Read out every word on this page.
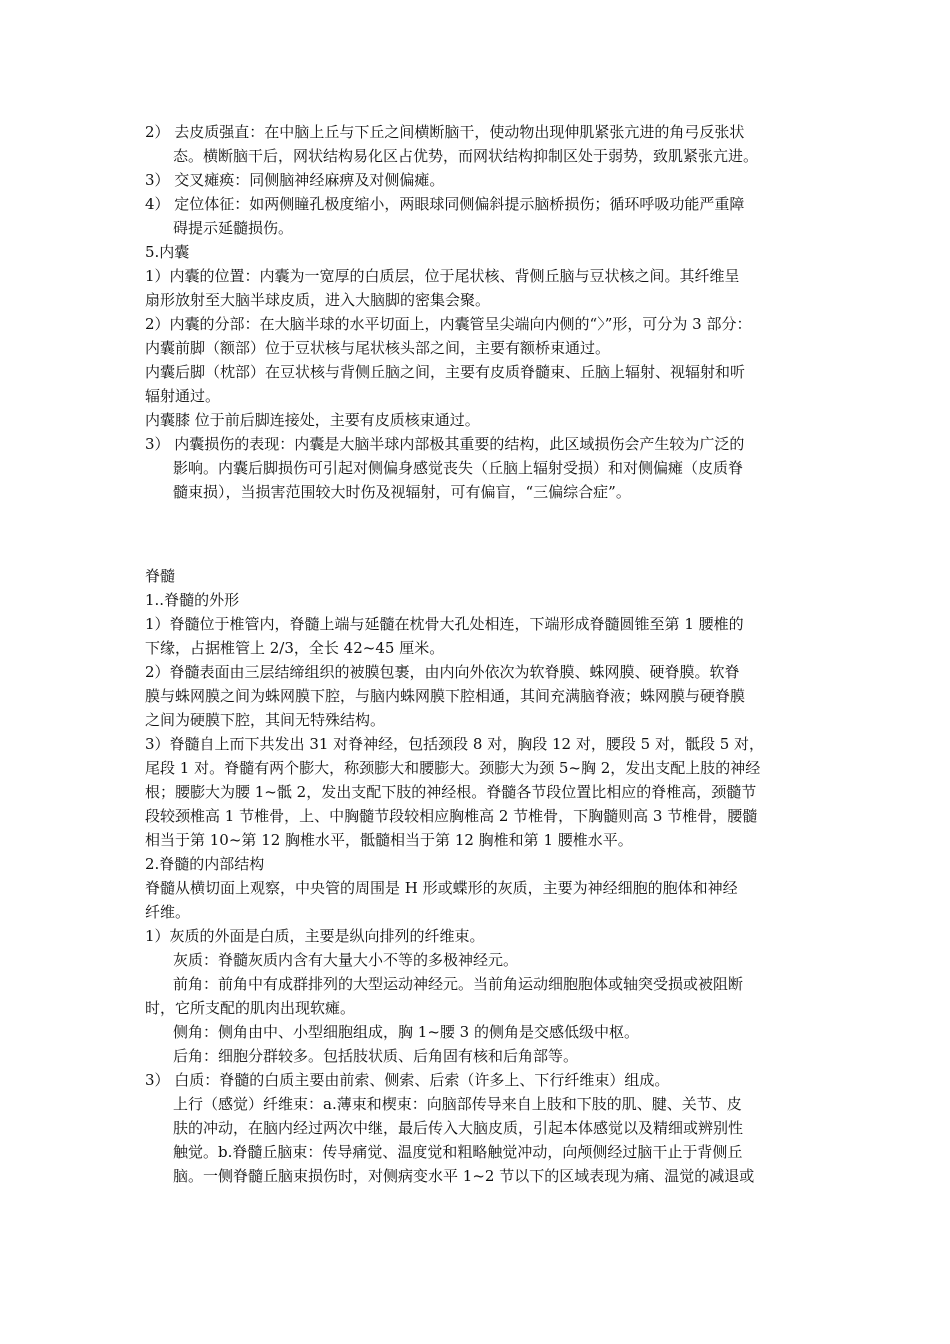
2） 去皮质强直：在中脑上丘与下丘之间横断脑干，使动物出现伸肌紧张亢进的角弓反张状
态。横断脑干后，网状结构易化区占优势，而网状结构抑制区处于弱势，致肌紧张亢进。
3） 交叉瘫痪：同侧脑神经麻痹及对侧偏瘫。
4） 定位体征：如两侧瞳孔极度缩小，两眼球同侧偏斜提示脑桥损伤；循环呼吸功能严重障
碍提示延髓损伤。
5.内囊
1）内囊的位置：内囊为一宽厚的白质层，位于尾状核、背侧丘脑与豆状核之间。其纤维呈
扇形放射至大脑半球皮质，进入大脑脚的密集会聚。
2）内囊的分部：在大脑半球的水平切面上，内囊管呈尖端向内侧的“〉”形，可分为 3 部分：
内囊前脚（额部）位于豆状核与尾状核头部之间，主要有额桥束通过。
内囊后脚（枕部）在豆状核与背侧丘脑之间，主要有皮质脊髓束、丘脑上辐射、视辐射和听
辐射通过。
内囊膝 位于前后脚连接处，主要有皮质核束通过。
3） 内囊损伤的表现：内囊是大脑半球内部极其重要的结构，此区域损伤会产生较为广泛的
影响。内囊后脚损伤可引起对侧偏身感觉丧失（丘脑上辐射受损）和对侧偏瘫（皮质脊
髓束损），当损害范围较大时伤及视辐射，可有偏盲，“三偏综合症”。
脊髓
1..脊髓的外形
1）脊髓位于椎管内，脊髓上端与延髓在枕骨大孔处相连，下端形成脊髓圆锥至第 1 腰椎的
下缘，占据椎管上 2/3，全长 42~45 厘米。
2）脊髓表面由三层结缔组织的被膜包裹，由内向外依次为软脊膜、蛛网膜、硬脊膜。软脊
膜与蛛网膜之间为蛛网膜下腔，与脑内蛛网膜下腔相通，其间充满脑脊液；蛛网膜与硬脊膜
之间为硬膜下腔，其间无特殊结构。
3）脊髓自上而下共发出 31 对脊神经，包括颈段 8 对，胸段 12 对，腰段 5 对，骶段 5 对，
尾段 1 对。脊髓有两个膨大，称颈膨大和腰膨大。颈膨大为颈 5~胸 2，发出支配上肢的神经
根；腰膨大为腰 1~骶 2，发出支配下肢的神经根。脊髓各节段位置比相应的脊椎高，颈髓节
段较颈椎高 1 节椎骨，上、中胸髓节段较相应胸椎高 2 节椎骨，下胸髓则高 3 节椎骨，腰髓
相当于第 10~第 12 胸椎水平，骶髓相当于第 12 胸椎和第 1 腰椎水平。
2.脊髓的内部结构
脊髓从横切面上观察，中央管的周围是 H 形或蝶形的灰质，主要为神经细胞的胞体和神经
纤维。
1）灰质的外面是白质，主要是纵向排列的纤维束。
灰质：脊髓灰质内含有大量大小不等的多极神经元。
前角：前角中有成群排列的大型运动神经元。当前角运动细胞胞体或轴突受损或被阻断
时，它所支配的肌肉出现软瘫。
侧角：侧角由中、小型细胞组成，胸 1~腰 3 的侧角是交感低级中枢。
后角：细胞分群较多。包括肢状质、后角固有核和后角部等。
3） 白质：脊髓的白质主要由前索、侧索、后索（许多上、下行纤维束）组成。
上行（感觉）纤维束：a.薄束和楔束：向脑部传导来自上肢和下肢的肌、腱、关节、皮
肤的冲动，在脑内经过两次中继，最后传入大脑皮质，引起本体感觉以及精细或辨别性
触觉。b.脊髓丘脑束：传导痛觉、温度觉和粗略触觉冲动，向颅侧经过脑干止于背侧丘
脑。一侧脊髓丘脑束损伤时，对侧病变水平 1~2 节以下的区域表现为痛、温觉的减退或
